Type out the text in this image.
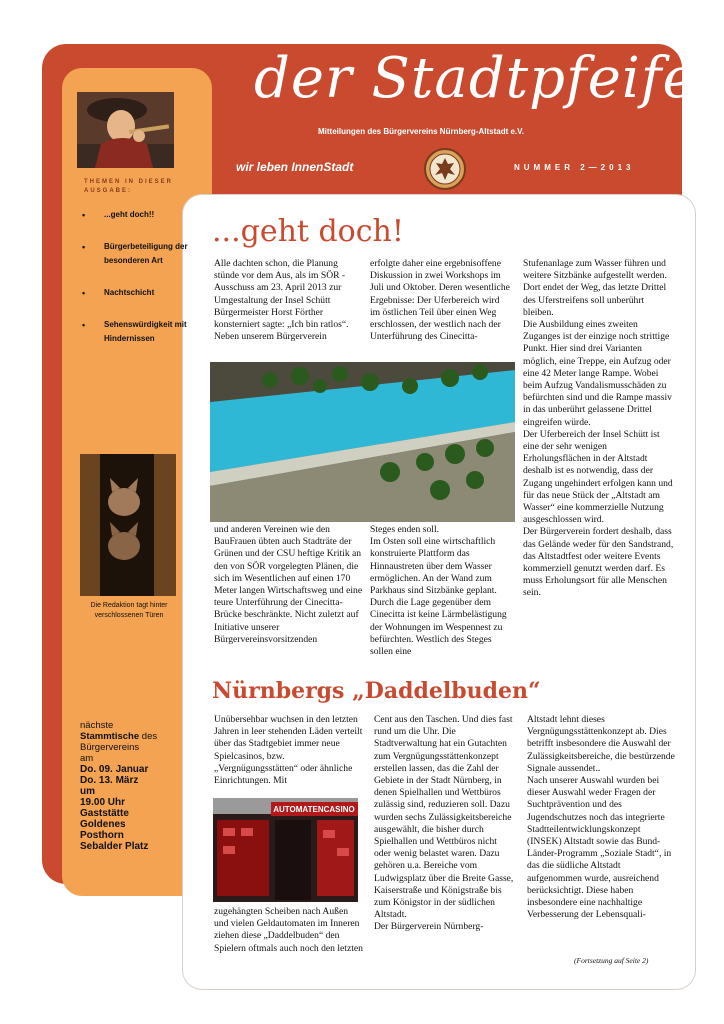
der Stadtpfeifer
Mitteilungen des Bürgervereins Nürnberg-Altstadt e.V.
wir leben InnenStadt	NUMMER 2—2013
THEMEN IN DIESER AUSGABE:
• ...geht doch!!
• Bürgerbeteiligung der besonderen Art
• Nachtschicht
• Sehenswürdigkeit mit Hindernissen
Die Redaktion tagt hinter verschlossenen Türen
nächste
Stammtische des
Bürgervereins
am
Do. 09. Januar
Do. 13. März
um
19.00 Uhr
Gaststätte
Goldenes
Posthorn
Sebalder Platz
...geht doch!

Alle dachten schon, die Planung stünde vor dem Aus, als im SÖR -Ausschuss am 23. April 2013 zur Umgestaltung der Insel Schütt Bürgermeister Horst Förther konsterniert sagte: „Ich bin ratlos“.

Neben unserem Bürgerverein

erfolgte daher eine ergebnisoffene Diskussion in zwei Workshops im Juli und Oktober. Deren wesentliche Ergebnisse: Der Uferbereich wird im östlichen Teil über einen Weg erschlossen, der westlich nach der Unterführung des Cinecitta-

und anderen Vereinen wie den BauFrauen übten auch Stadträte der Grünen und der CSU heftige Kritik an den von SÖR vorgelegten Plänen, die sich im Wesentlichen auf einen 170 Meter langen Wirtschaftsweg und eine teure Unterführung der Cinecitta-Brücke beschränkte. Nicht zuletzt auf Initiative unserer Bürgervereinsvorsitzenden

Steges enden soll.

Im Osten soll eine wirtschaftlich konstruierte Plattform das Hinnaustreten über dem Wasser ermöglichen. An der Wand zum Parkhaus sind Sitzbänke geplant. Durch die Lage gegenüber dem Cinecitta ist keine Lärmbelästigung der Wohnungen im Wespennest zu befürchten. Westlich des Steges sollen eine

Stufenanlage zum Wasser führen und weitere Sitzbänke aufgestellt werden.

Dort endet der Weg, das letzte Drittel des Uferstreifens soll unberührt bleiben.

Die Ausbildung eines zweiten Zuganges ist der einzige noch strittige Punkt. Hier sind drei Varianten möglich, eine Treppe, ein Aufzug oder eine 42 Meter lange Rampe. Wobei beim Aufzug Vandalismusschäden zu befürchten sind und die Rampe massiv in das unberührt gelassene Drittel eingreifen würde.

Der Uferbereich der Insel Schütt ist eine der sehr wenigen Erholungsflächen in der Altstadt deshalb ist es notwendig, dass der Zugang ungehindert erfolgen kann und für das neue Stück der „Altstadt am Wasser“ eine kommerzielle Nutzung ausgeschlossen wird.

Der Bürgerverein fordert deshalb, dass das Gelände weder für den Sandstrand, das Altstadtfest oder weitere Events kommerziell genutzt werden darf. Es muss Erholungsort für alle Menschen sein.

Nürnbergs „Daddelbuden“

Unübersehbar wuchsen in den letzten Jahren in leer stehenden Läden verteilt über das Stadtgebiet immer neue Spielcasinos, bzw. „Vergnügungsstätten“ oder ähnliche Einrichtungen. Mit

AUTOMATENCASINO

zugehängten Scheiben nach Außen und vielen Geldautomaten im Inneren ziehen diese „Daddelbuden“ den Spielern oftmals auch noch den letzten

Cent aus den Taschen. Und dies fast rund um die Uhr. Die Stadtverwaltung hat ein Gutachten zum Vergnügungsstättenkonzept erstellen lassen, das die Zahl der Gebiete in der Stadt Nürnberg, in denen Spielhallen und Wettbüros zulässig sind, reduzieren soll. Dazu wurden sechs Zulässigkeitsbereiche ausgewählt, die bisher durch Spielhallen und Wettbüros nicht oder wenig belastet waren. Dazu gehören u.a. Bereiche vom Ludwigsplatz über die Breite Gasse, Kaiserstraße und Königstraße bis zum Königstor in der südlichen Altstadt.

Der Bürgerverein Nürnberg-

Altstadt lehnt dieses Vergnügungsstättenkonzept ab. Dies betrifft insbesondere die Auswahl der Zulässigkeitsbereiche, die bestürzende Signale aussendet..

Nach unserer Auswahl wurden bei dieser Auswahl weder Fragen der Suchtprävention und des Jugendschutzes noch das integrierte Stadtteilentwicklungskonzept (INSEK) Altstadt sowie das Bund-Länder-Programm „Soziale Stadt“, in das die südliche Altstadt aufgenommen wurde, ausreichend berücksichtigt. Diese haben insbesondere eine nachhaltige Verbesserung der Lebensquali-

(Fortsetzung auf Seite 2)
